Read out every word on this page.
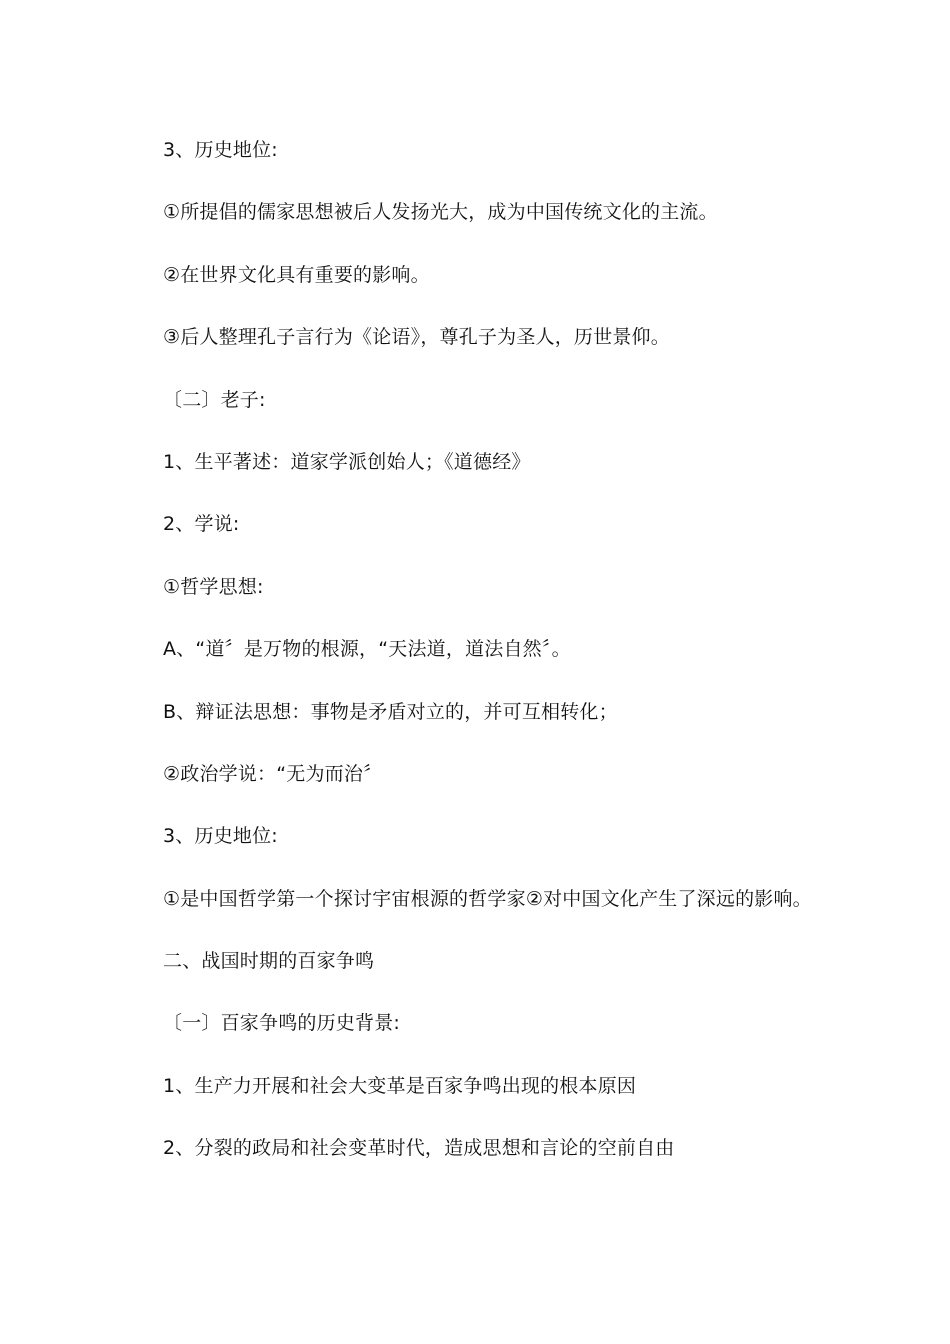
3、历史地位:
①所提倡的儒家思想被后人发扬光大，成为中国传统文化的主流。
②在世界文化具有重要的影响。
③后人整理孔子言行为《论语》，尊孔子为圣人，历世景仰。
〔二〕老子:
1、生平著述：道家学派创始人；《道德经》
2、学说:
①哲学思想:
A、“道〞是万物的根源，“天法道，道法自然〞。
B、辩证法思想：事物是矛盾对立的，并可互相转化；
②政治学说：“无为而治〞
3、历史地位:
①是中国哲学第一个探讨宇宙根源的哲学家②对中国文化产生了深远的影响。
二、战国时期的百家争鸣
〔一〕百家争鸣的历史背景:
1、生产力开展和社会大变革是百家争鸣出现的根本原因
2、分裂的政局和社会变革时代，造成思想和言论的空前自由
